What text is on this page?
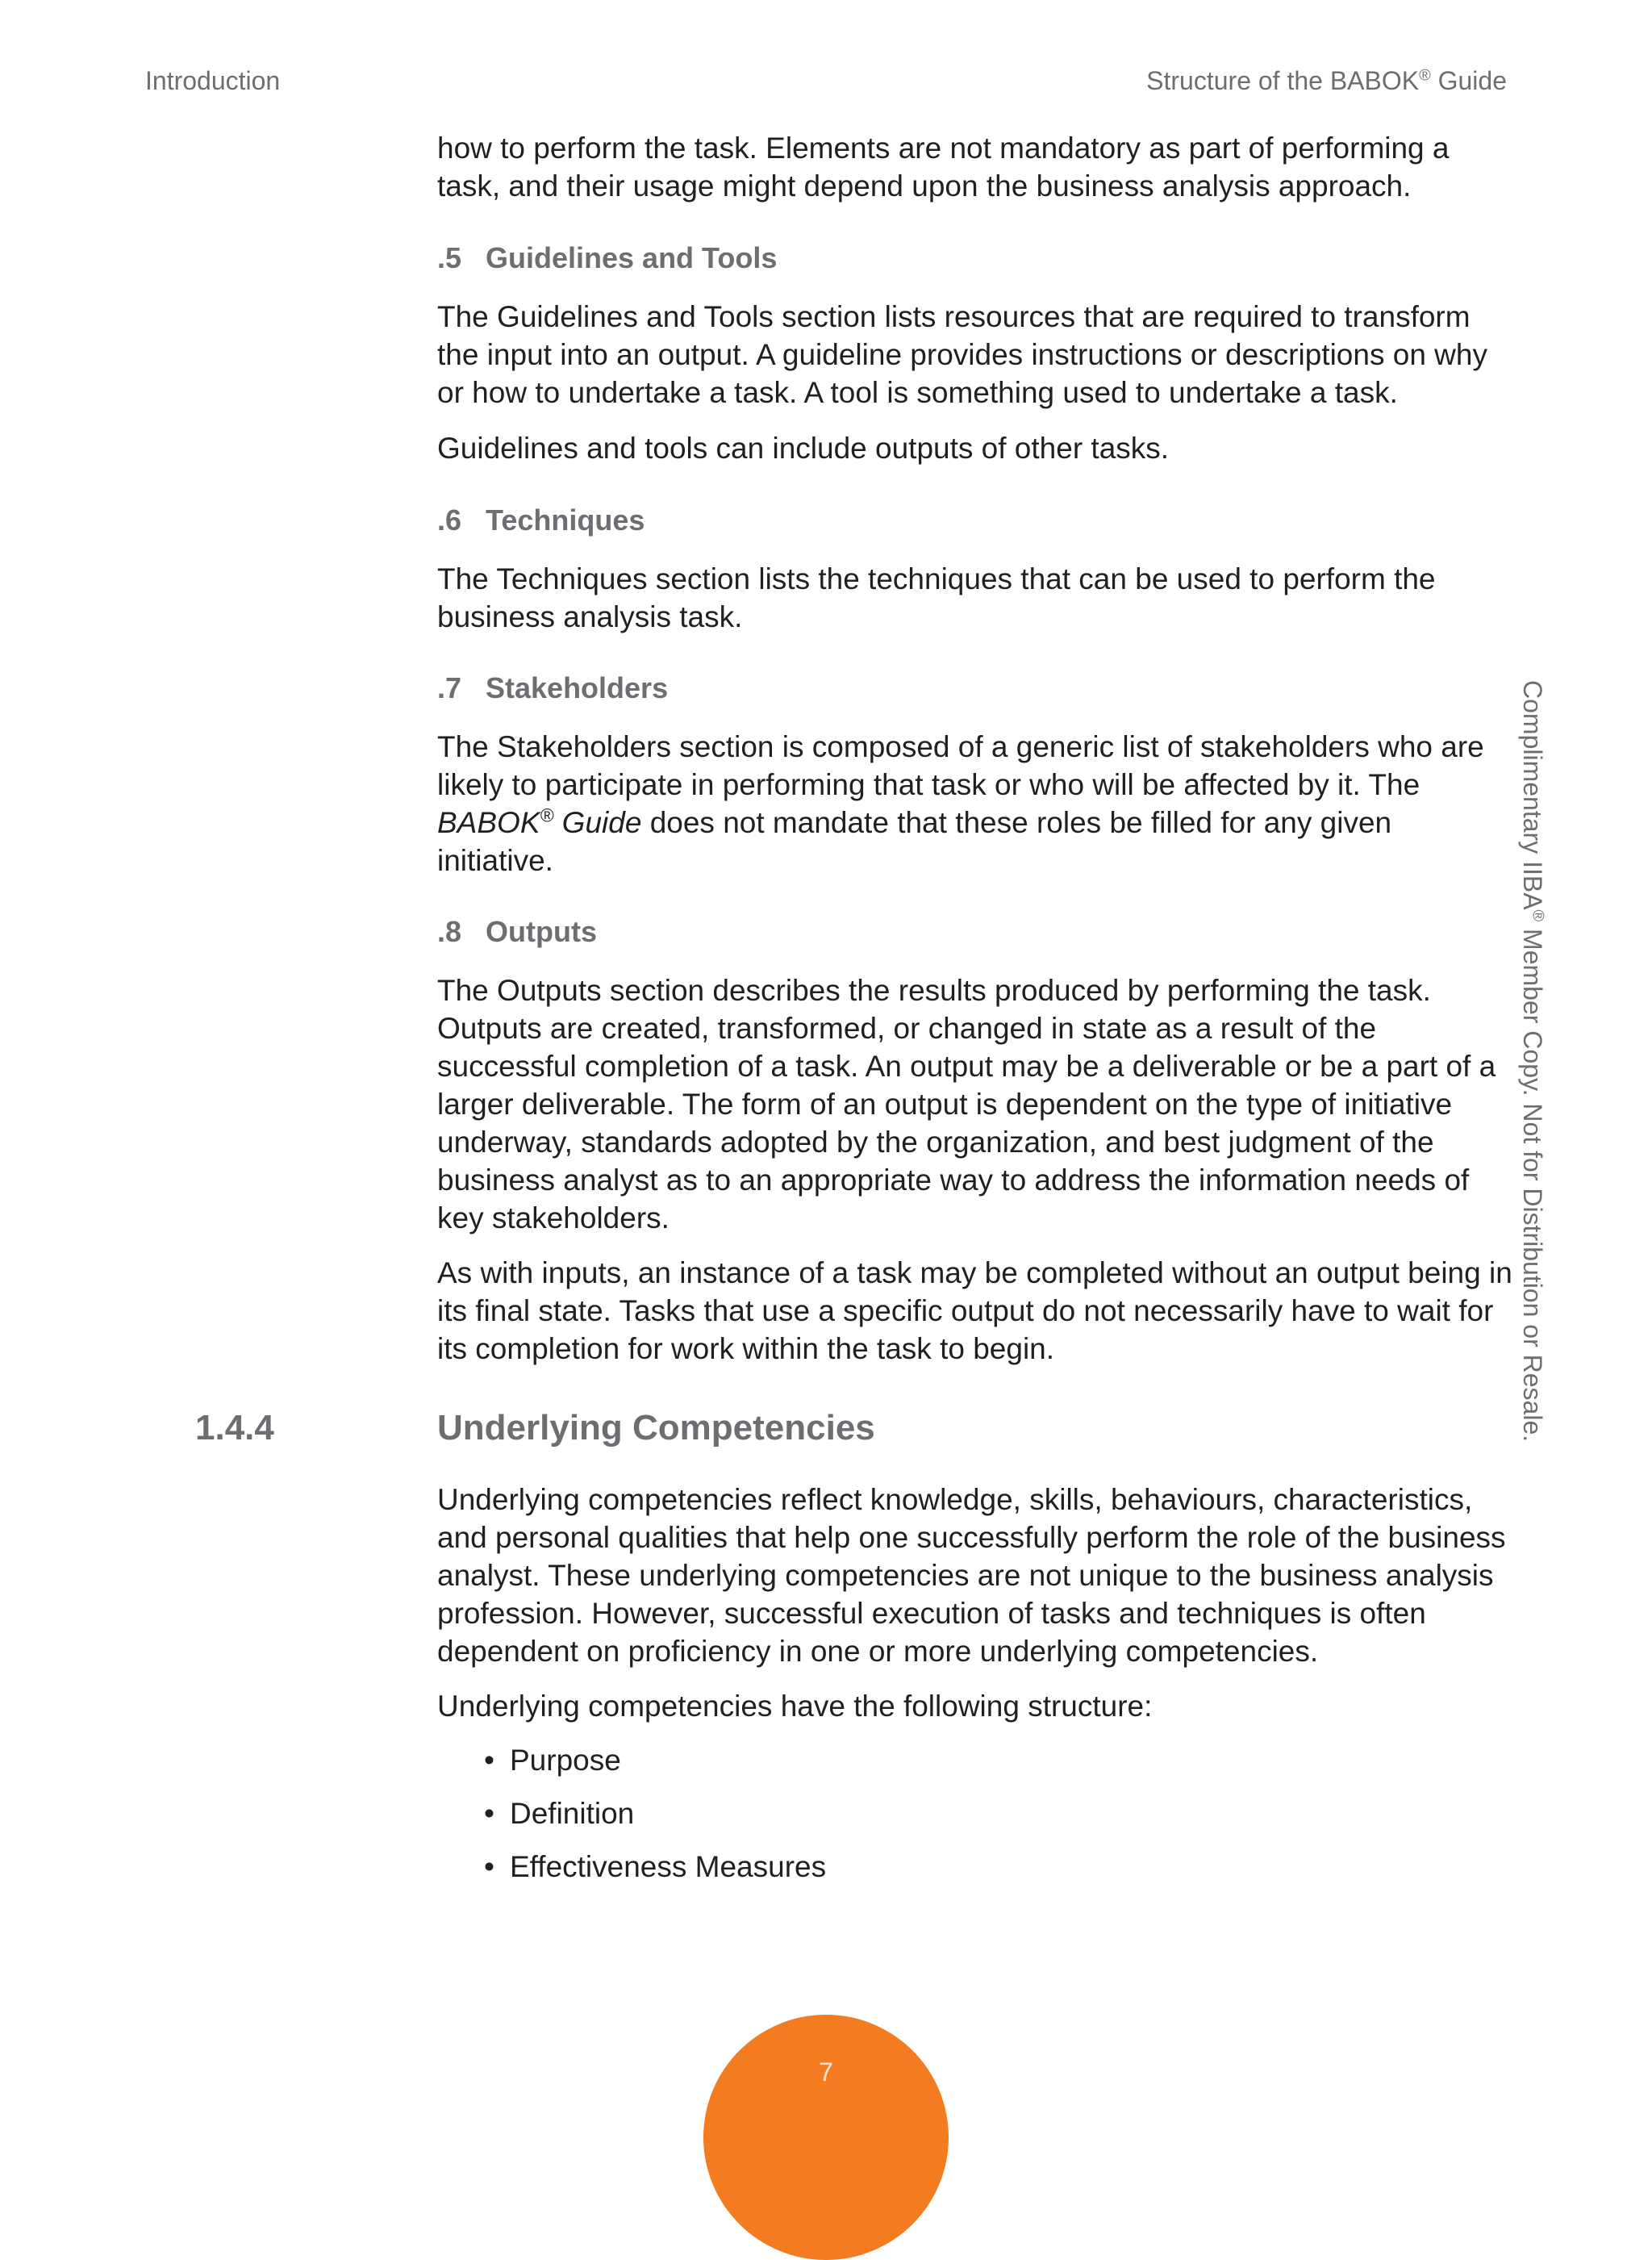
Introduction	Structure of the BABOK® Guide

how to perform the task. Elements are not mandatory as part of performing a task, and their usage might depend upon the business analysis approach.

.5 Guidelines and Tools

The Guidelines and Tools section lists resources that are required to transform the input into an output. A guideline provides instructions or descriptions on why or how to undertake a task. A tool is something used to undertake a task.

Guidelines and tools can include outputs of other tasks.

.6 Techniques

The Techniques section lists the techniques that can be used to perform the business analysis task.

.7 Stakeholders

The Stakeholders section is composed of a generic list of stakeholders who are likely to participate in performing that task or who will be affected by it. The BABOK® Guide does not mandate that these roles be filled for any given initiative.

.8 Outputs

The Outputs section describes the results produced by performing the task. Outputs are created, transformed, or changed in state as a result of the successful completion of a task. An output may be a deliverable or be a part of a larger deliverable. The form of an output is dependent on the type of initiative underway, standards adopted by the organization, and best judgment of the business analyst as to an appropriate way to address the information needs of key stakeholders.

As with inputs, an instance of a task may be completed without an output being in its final state. Tasks that use a specific output do not necessarily have to wait for its completion for work within the task to begin.

1.4.4	Underlying Competencies

Underlying competencies reflect knowledge, skills, behaviours, characteristics, and personal qualities that help one successfully perform the role of the business analyst. These underlying competencies are not unique to the business analysis profession. However, successful execution of tasks and techniques is often dependent on proficiency in one or more underlying competencies.

Underlying competencies have the following structure:

• Purpose
• Definition
• Effectiveness Measures
Complimentary IIBA® Member Copy. Not for Distribution or Resale.
7
